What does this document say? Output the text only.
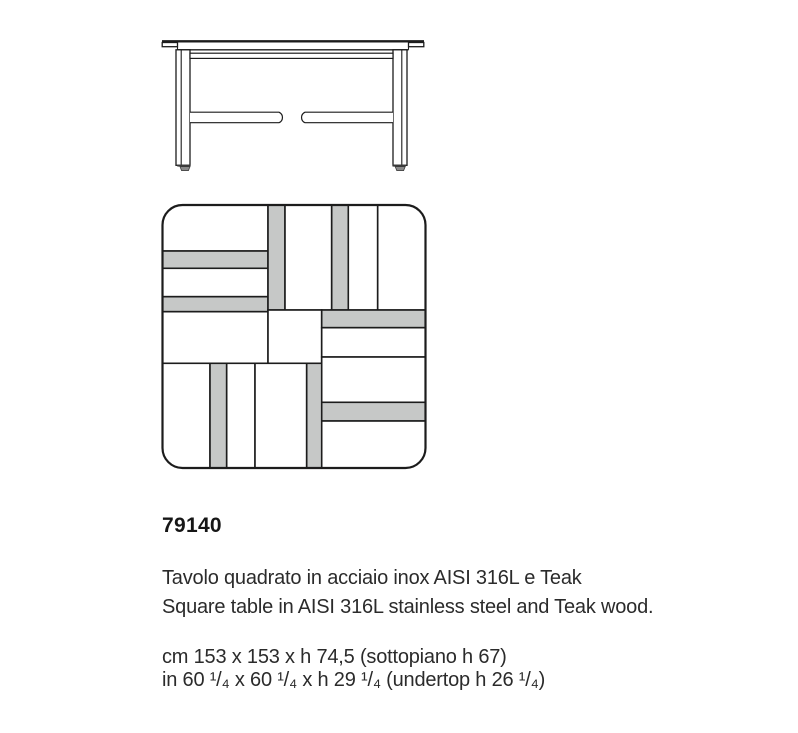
79140

Tavolo quadrato in acciaio inox AISI 316L e Teak

Square table in AISI 316L stainless steel and Teak wood.

cm 153 x 153 x h 74,5 (sottopiano h 67)

in 60 ¹/₄ x 60 ¹/₄ x h 29 ¹/₄ (undertop h 26 ¹/₄)
